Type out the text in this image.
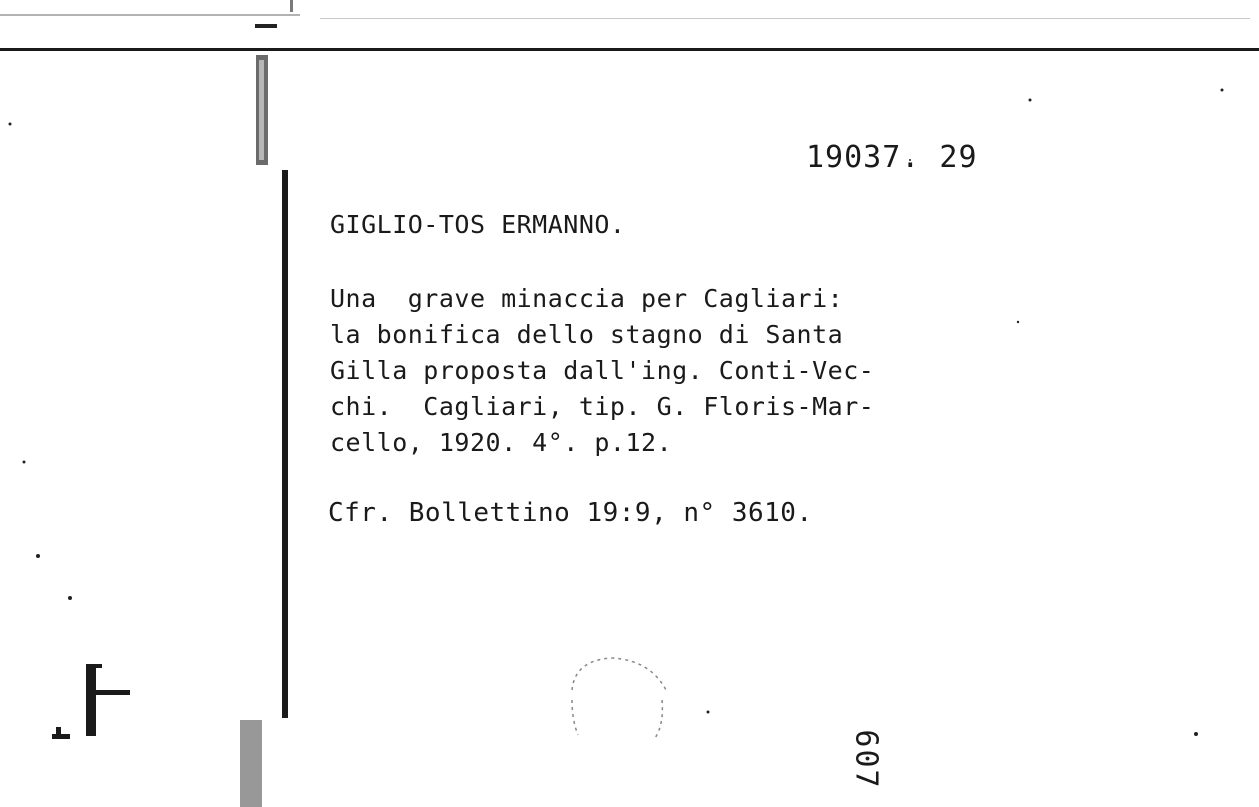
19037. 29
GIGLIO-TOS ERMANNO.
Una  grave minaccia per Cagliari:
la bonifica dello stagno di Santa
Gilla proposta dall'ing. Conti-Vec-
chi.  Cagliari, tip. G. Floris-Mar-
cello, 1920. 4°. p.12.
Cfr. Bollettino 19:9, n° 3610.
607
